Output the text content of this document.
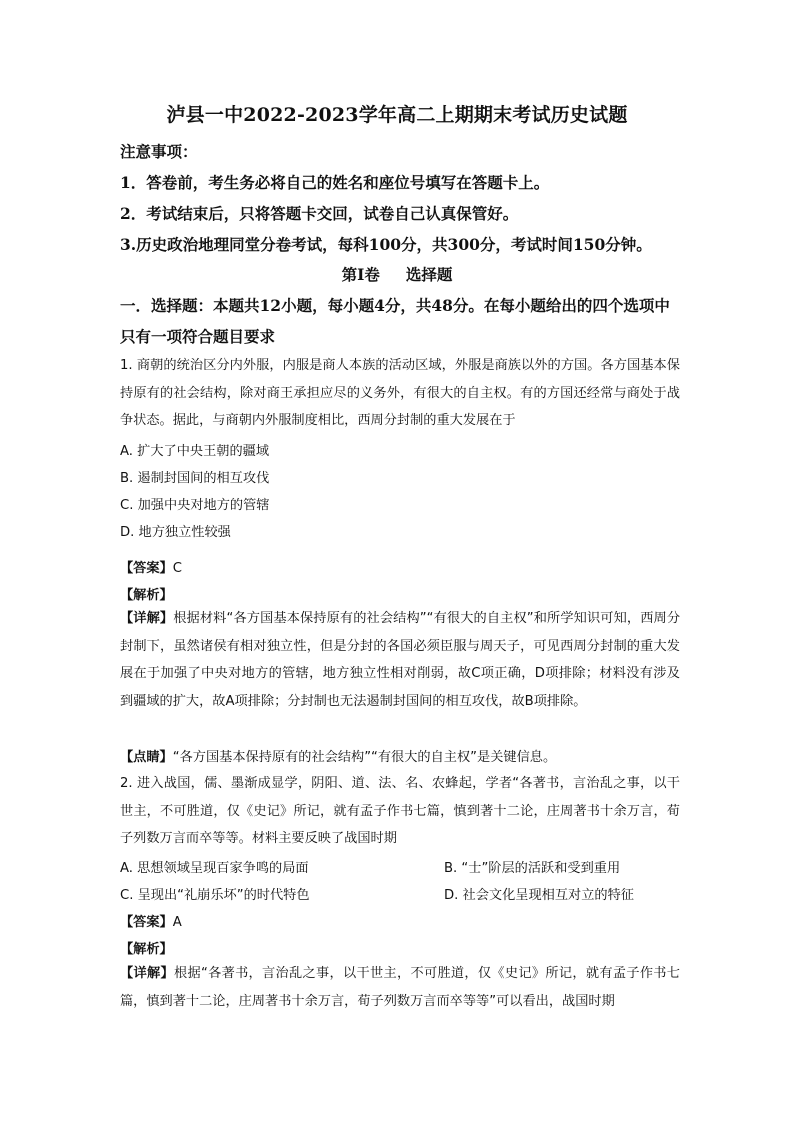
泸县一中2022-2023学年高二上期期末考试历史试题
注意事项：
1．答卷前，考生务必将自己的姓名和座位号填写在答题卡上。
2．考试结束后，只将答题卡交回，试卷自己认真保管好。
3.历史政治地理同堂分卷考试，每科100分，共300分，考试时间150分钟。
第I卷 选择题
一．选择题：本题共12小题，每小题4分，共48分。在每小题给出的四个选项中只有一项符合题目要求
1. 商朝的统治区分内外服，内服是商人本族的活动区域，外服是商族以外的方国。各方国基本保持原有的社会结构，除对商王承担应尽的义务外，有很大的自主权。有的方国还经常与商处于战争状态。据此，与商朝内外服制度相比，西周分封制的重大发展在于
A. 扩大了中央王朝的疆域
B. 遏制封国间的相互攻伐
C. 加强中央对地方的管辖
D. 地方独立性较强
【答案】C
【解析】
【详解】根据材料“各方国基本保持原有的社会结构”“有很大的自主权”和所学知识可知，西周分封制下，虽然诸侯有相对独立性，但是分封的各国必须臣服与周天子，可见西周分封制的重大发展在于加强了中央对地方的管辖，地方独立性相对削弱，故C项正确，D项排除；材料没有涉及到疆域的扩大，故A项排除；分封制也无法遏制封国间的相互攻伐，故B项排除。
【点睛】“各方国基本保持原有的社会结构”“有很大的自主权”是关键信息。
2. 进入战国，儒、墨渐成显学，阴阳、道、法、名、农蜂起，学者“各著书，言治乱之事，以干世主，不可胜道，仅《史记》所记，就有孟子作书七篇，慎到著十二论，庄周著书十余万言，荀子列数万言而卒等等。材料主要反映了战国时期
A. 思想领域呈现百家争鸣的局面	B. “士”阶层的活跃和受到重用
C. 呈现出“礼崩乐坏”的时代特色	D. 社会文化呈现相互对立的特征
【答案】A
【解析】
【详解】根据“各著书，言治乱之事，以干世主，不可胜道，仅《史记》所记，就有孟子作书七篇，慎到著十二论，庄周著书十余万言，荀子列数万言而卒等等”可以看出，战国时期
